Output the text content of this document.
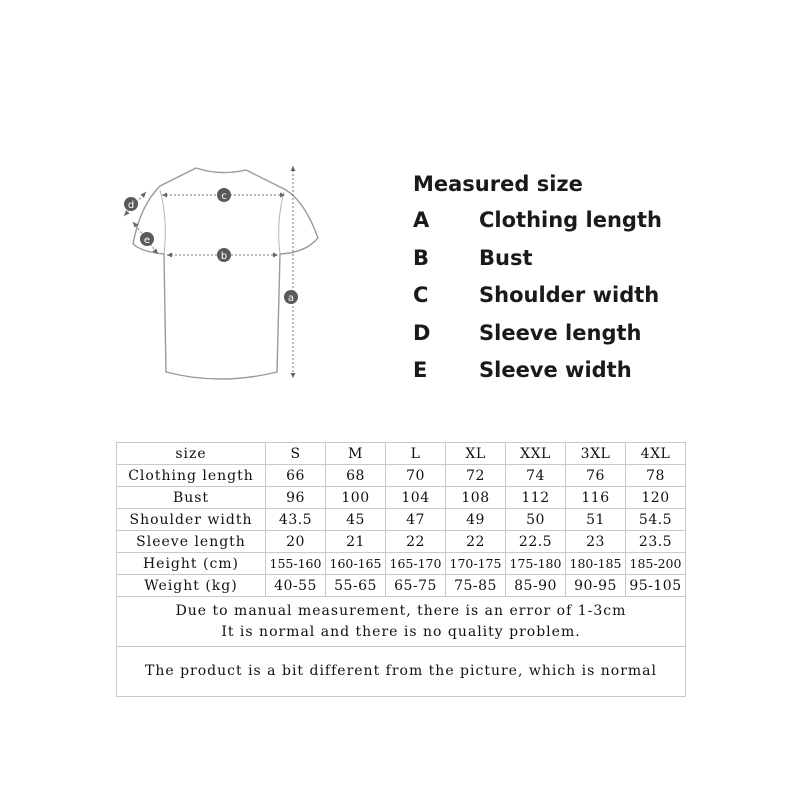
c
b
a
d
e
Measured size
A Clothing length
B Bust
C Shoulder width
D Sleeve length
E Sleeve width
size	S	M	L	XL	XXL	3XL	4XL
Clothing length	66	68	70	72	74	76	78
Bust	96	100	104	108	112	116	120
Shoulder width	43.5	45	47	49	50	51	54.5
Sleeve length	20	21	22	22	22.5	23	23.5
Height (cm)	155-160	160-165	165-170	170-175	175-180	180-185	185-200
Weight (kg)	40-55	55-65	65-75	75-85	85-90	90-95	95-105

Due to manual measurement, there is an error of 1-3cm
It is normal and there is no quality problem.							

The product is a bit different from the picture, which is normal							
